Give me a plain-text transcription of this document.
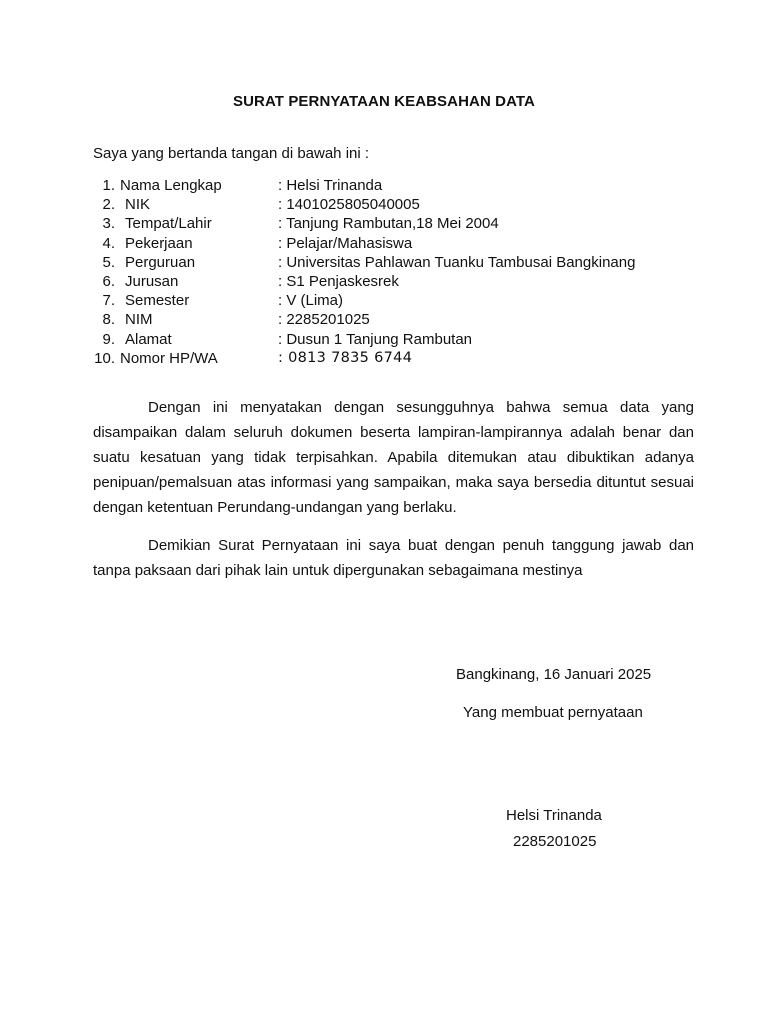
SURAT PERNYATAAN KEABSAHAN DATA
Saya yang bertanda tangan di bawah ini :
1. Nama Lengkap	: Helsi Trinanda
2. NIK	: 1401025805040005
3. Tempat/Lahir	: Tanjung Rambutan,18 Mei 2004
4. Pekerjaan	: Pelajar/Mahasiswa
5. Perguruan	: Universitas Pahlawan Tuanku Tambusai Bangkinang
6. Jurusan	: S1 Penjaskesrek
7. Semester	: V (Lima)
8. NIM	: 2285201025
9. Alamat	: Dusun 1 Tanjung Rambutan
10. Nomor HP/WA	: 0813 7835 6744

Dengan ini menyatakan dengan sesungguhnya bahwa semua data yang disampaikan dalam seluruh dokumen beserta lampiran-lampirannya adalah benar dan suatu kesatuan yang tidak terpisahkan. Apabila ditemukan atau dibuktikan adanya penipuan/pemalsuan atas informasi yang sampaikan, maka saya bersedia dituntut sesuai dengan ketentuan Perundang-undangan yang berlaku.

Demikian Surat Pernyataan ini saya buat dengan penuh tanggung jawab dan tanpa paksaan dari pihak lain untuk dipergunakan sebagaimana mestinya

Bangkinang, 16 Januari 2025
Yang membuat pernyataan
Helsi Trinanda
2285201025
